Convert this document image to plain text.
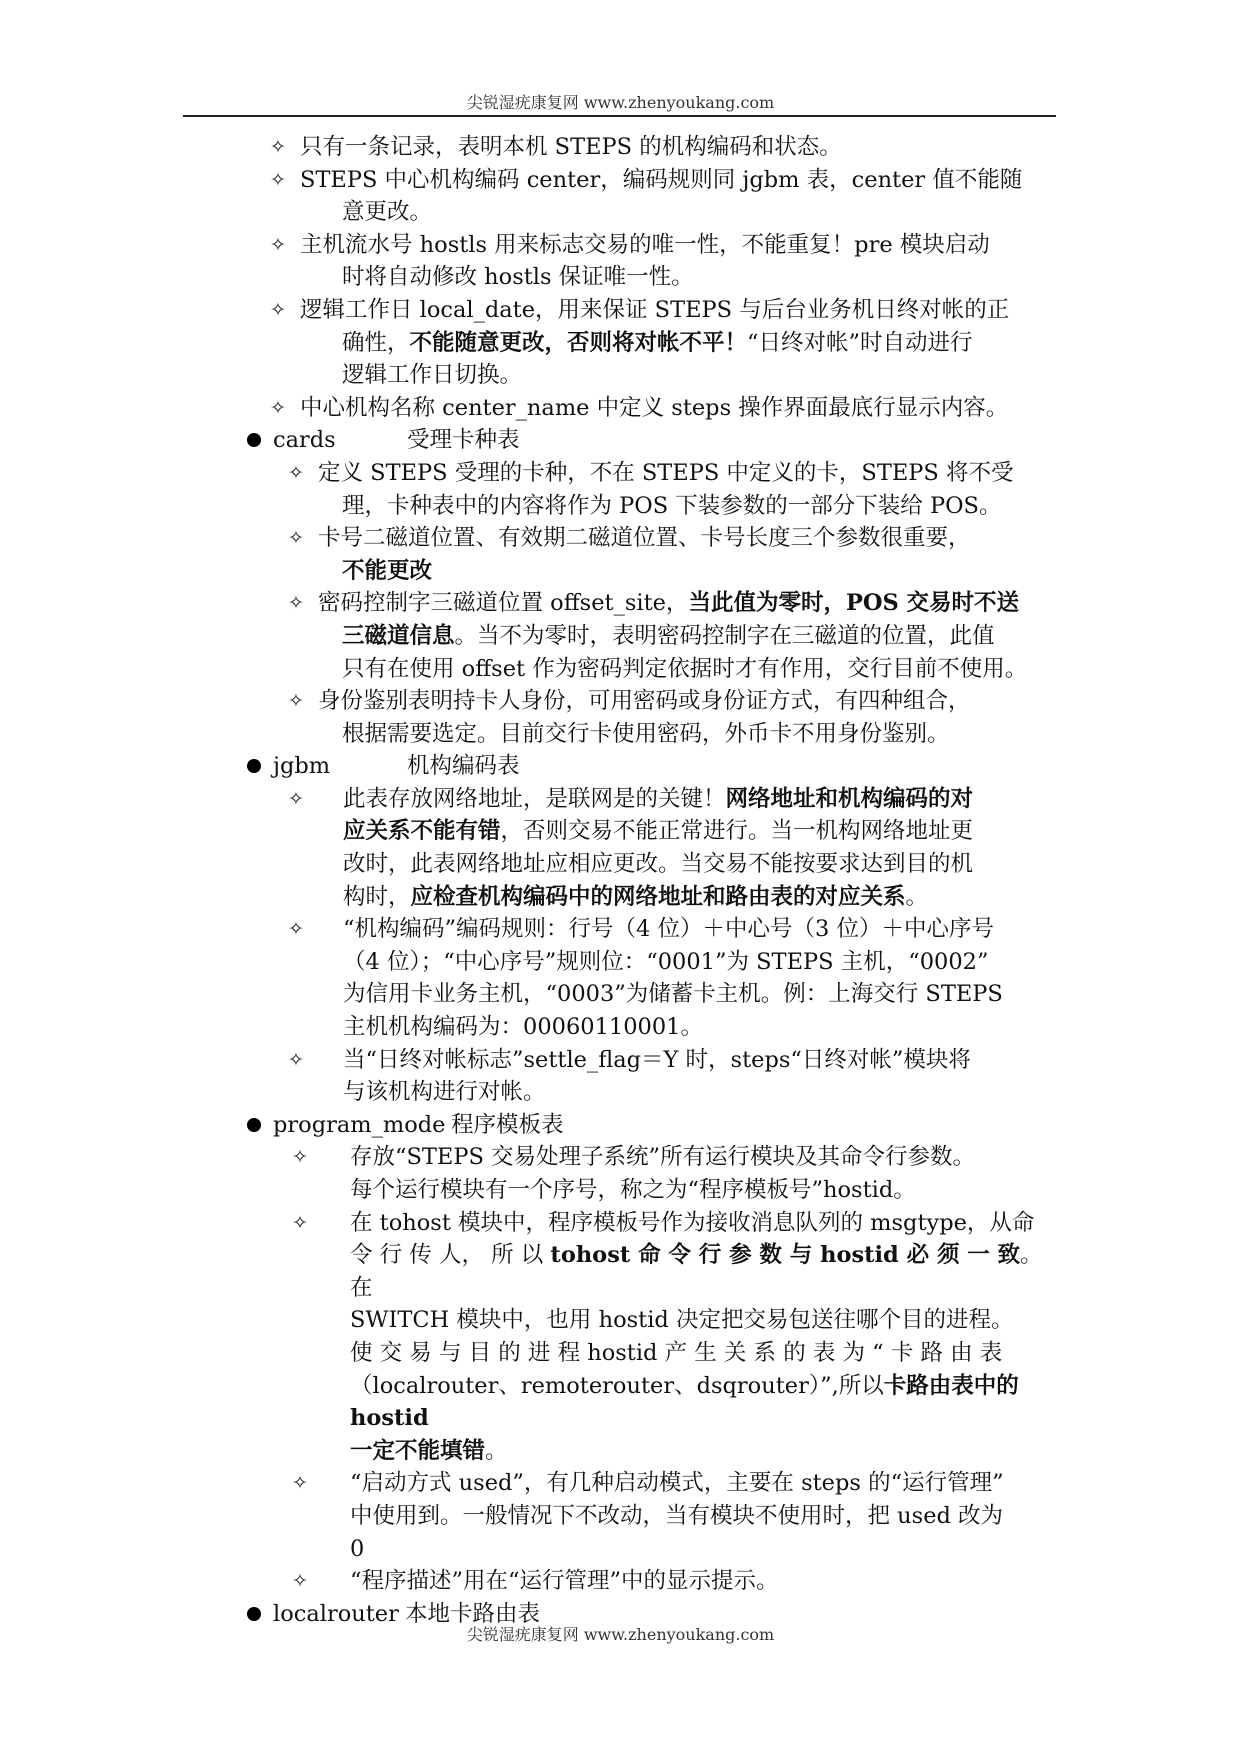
尖锐湿疣康复网 www.zhenyoukang.com
✧ 只有一条记录，表明本机 STEPS 的机构编码和状态。
✧ STEPS 中心机构编码 center，编码规则同 jgbm 表，center 值不能随
意更改。
✧ 主机流水号 hostls 用来标志交易的唯一性，不能重复！pre 模块启动
时将自动修改 hostls 保证唯一性。
✧ 逻辑工作日 local_date，用来保证 STEPS 与后台业务机日终对帐的正
确性，不能随意更改，否则将对帐不平！“日终对帐”时自动进行
逻辑工作日切换。
✧ 中心机构名称 center_name 中定义 steps 操作界面最底行显示内容。
cards	受理卡种表
✧ 定义 STEPS 受理的卡种，不在 STEPS 中定义的卡，STEPS 将不受
理，卡种表中的内容将作为 POS 下装参数的一部分下装给 POS。
✧ 卡号二磁道位置、有效期二磁道位置、卡号长度三个参数很重要，
不能更改
✧ 密码控制字三磁道位置 offset_site，当此值为零时，POS 交易时不送
三磁道信息。当不为零时，表明密码控制字在三磁道的位置，此值
只有在使用 offset 作为密码判定依据时才有作用，交行目前不使用。
✧ 身份鉴别表明持卡人身份，可用密码或身份证方式，有四种组合，
根据需要选定。目前交行卡使用密码，外币卡不用身份鉴别。
jgbm	机构编码表
✧ 此表存放网络地址，是联网是的关键！网络地址和机构编码的对
应关系不能有错，否则交易不能正常进行。当一机构网络地址更
改时，此表网络地址应相应更改。当交易不能按要求达到目的机
构时，应检查机构编码中的网络地址和路由表的对应关系。
✧ “机构编码”编码规则：行号（4 位）＋中心号（3 位）＋中心序号
（4 位）；“中心序号”规则位：“0001”为 STEPS 主机，“0002”
为信用卡业务主机，“0003”为储蓄卡主机。例：上海交行 STEPS
主机机构编码为：00060110001。
✧ 当“日终对帐标志”settle_flag＝Y 时，steps“日终对帐”模块将
与该机构进行对帐。
program_mode 程序模板表
✧ 存放“STEPS 交易处理子系统”所有运行模块及其命令行参数。
每个运行模块有一个序号，称之为“程序模板号”hostid。
✧ 在 tohost 模块中，程序模板号作为接收消息队列的 msgtype，从命
令 行 传 人， 所 以 tohost 命 令 行 参 数 与 hostid 必 须 一 致。 在
SWITCH 模块中，也用 hostid 决定把交易包送往哪个目的进程。
使 交 易 与 目 的 进 程 hostid 产 生 关 系 的 表 为 “ 卡 路 由 表
（localrouter、remoterouter、dsqrouter）”,所以卡路由表中的 hostid
一定不能填错。
✧ “启动方式 used”，有几种启动模式，主要在 steps 的“运行管理”
中使用到。一般情况下不改动，当有模块不使用时，把 used 改为
0
✧ “程序描述”用在“运行管理”中的显示提示。
localrouter 本地卡路由表
尖锐湿疣康复网 www.zhenyoukang.com
